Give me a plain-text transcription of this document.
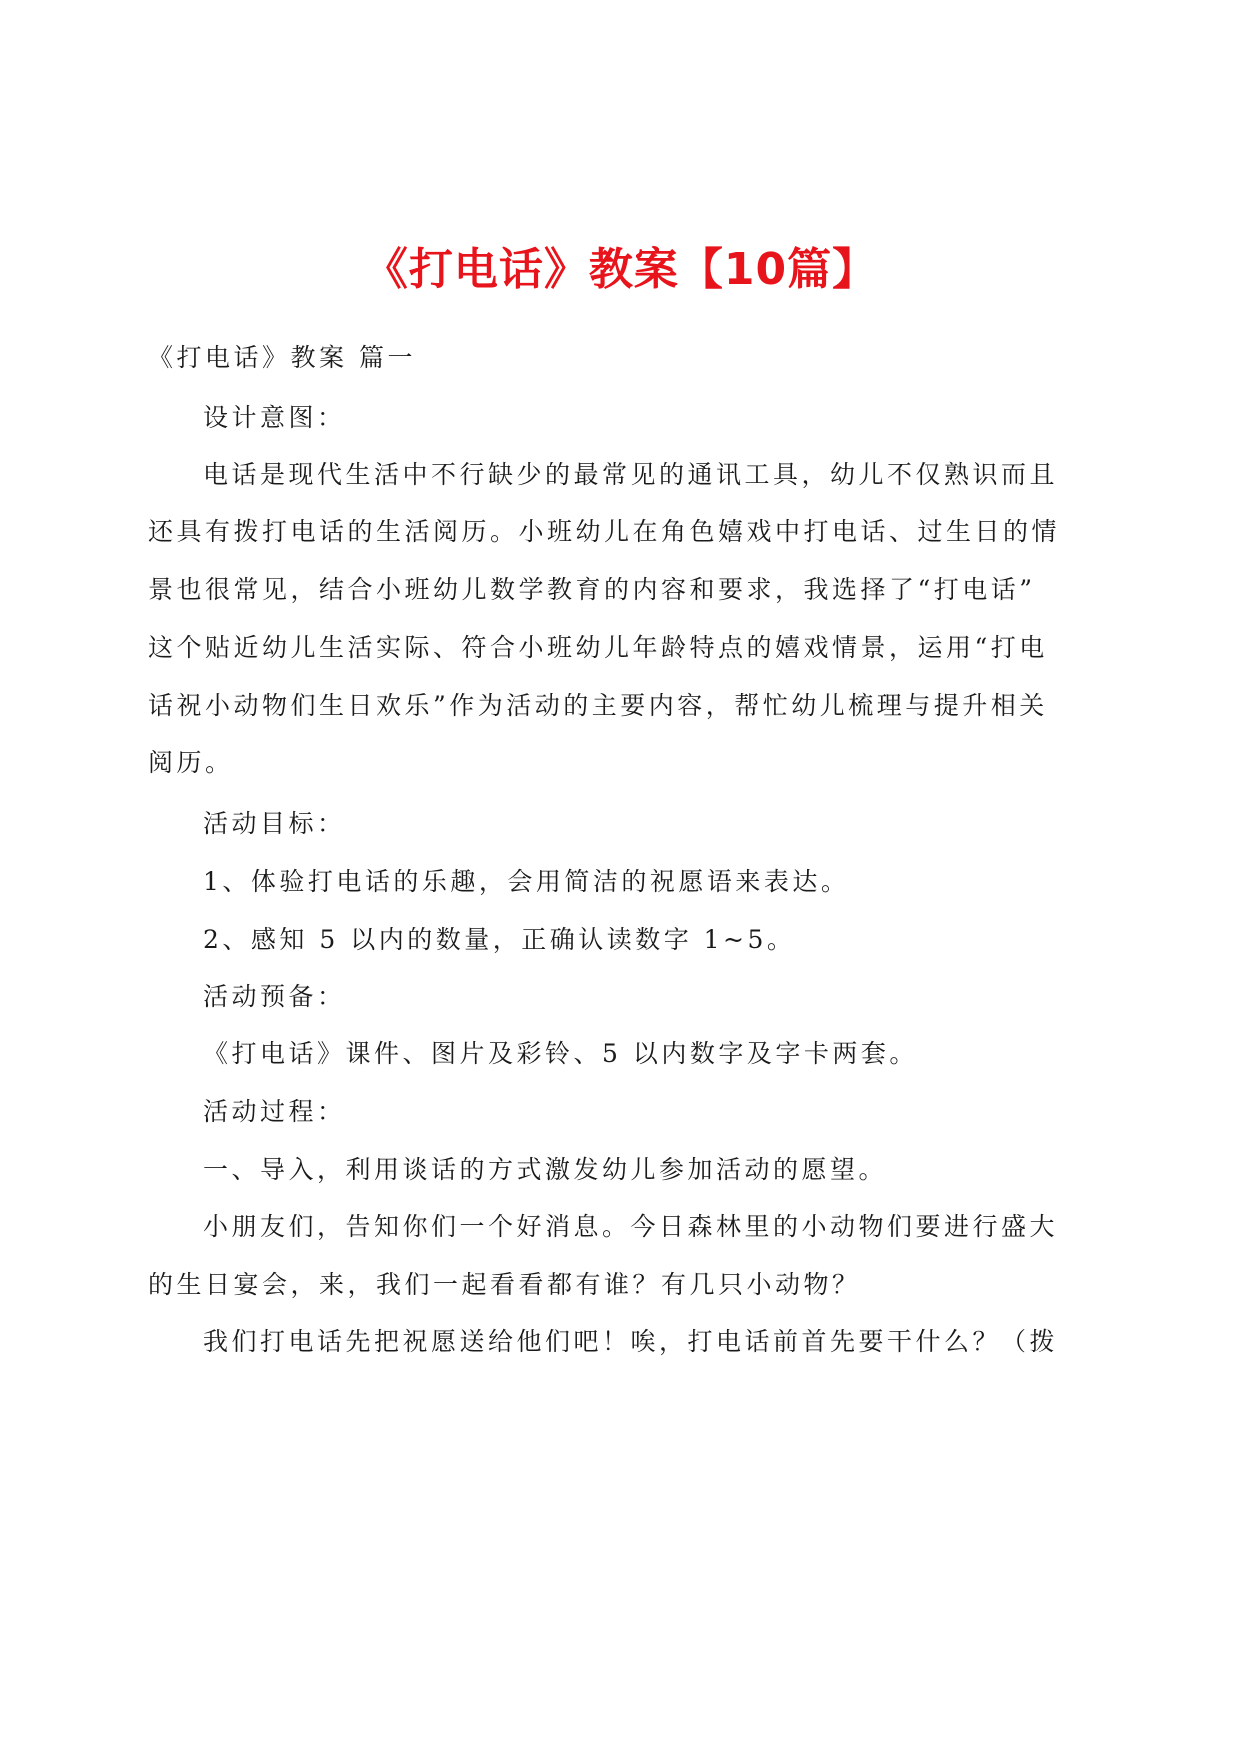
《打电话》教案【10篇】
《打电话》教案 篇一
设计意图：
电话是现代生活中不行缺少的最常见的通讯工具，幼儿不仅熟识而且
还具有拨打电话的生活阅历。小班幼儿在角色嬉戏中打电话、过生日的情
景也很常见，结合小班幼儿数学教育的内容和要求，我选择了“打电话”
这个贴近幼儿生活实际、符合小班幼儿年龄特点的嬉戏情景，运用“打电
话祝小动物们生日欢乐”作为活动的主要内容，帮忙幼儿梳理与提升相关
阅历。
活动目标：
1、体验打电话的乐趣，会用简洁的祝愿语来表达。
2、感知 5 以内的数量，正确认读数字 1~5。
活动预备：
《打电话》课件、图片及彩铃、5 以内数字及字卡两套。
活动过程：
一、导入，利用谈话的方式激发幼儿参加活动的愿望。
小朋友们，告知你们一个好消息。今日森林里的小动物们要进行盛大
的生日宴会，来，我们一起看看都有谁？有几只小动物？
我们打电话先把祝愿送给他们吧！唉，打电话前首先要干什么？（拨
